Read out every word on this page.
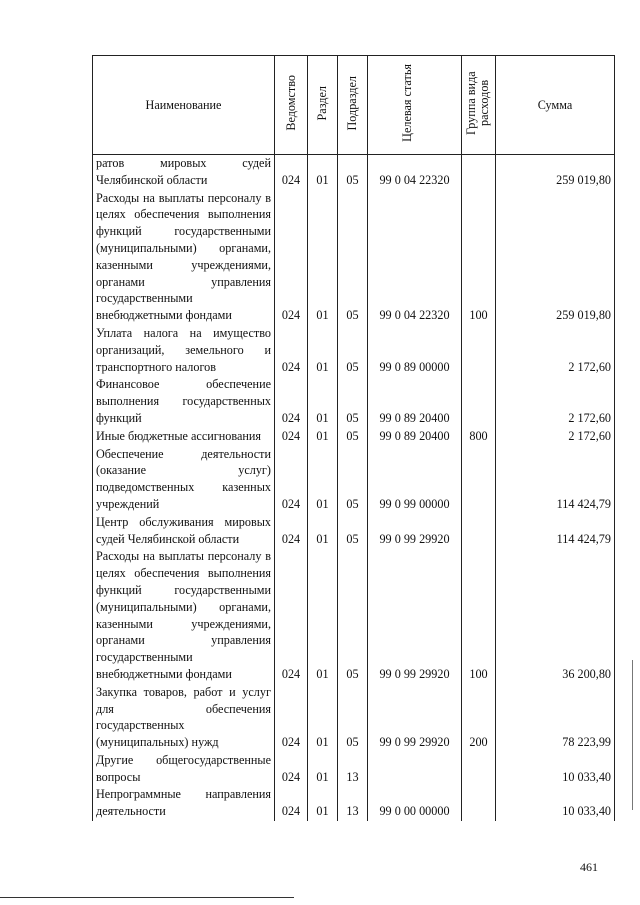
Наименование	Ведомство	Раздел	Подраздел	Целевая статья	Группа вида расходов	Сумма
ратов мировых судей Челябинской области	024	01	05	99 0 04 22320		259 019,80
Расходы на выплаты персоналу в целях обеспечения выполнения функций государственными (муниципальными) органами, казенными учреждениями, органами управления государственными внебюджетными фондами	024	01	05	99 0 04 22320	100	259 019,80
Уплата налога на имущество организаций, земельного и транспортного налогов	024	01	05	99 0 89 00000		2 172,60
Финансовое обеспечение выполнения государственных функций	024	01	05	99 0 89 20400		2 172,60
Иные бюджетные ассигнования	024	01	05	99 0 89 20400	800	2 172,60
Обеспечение деятельности (оказание услуг) подведомственных казенных учреждений	024	01	05	99 0 99 00000		114 424,79
Центр обслуживания мировых судей Челябинской области	024	01	05	99 0 99 29920		114 424,79
Расходы на выплаты персоналу в целях обеспечения выполнения функций государственными (муниципальными) органами, казенными учреждениями, органами управления государственными внебюджетными фондами	024	01	05	99 0 99 29920	100	36 200,80
Закупка товаров, работ и услуг для обеспечения государственных (муниципальных) нужд	024	01	05	99 0 99 29920	200	78 223,99
Другие общегосударственные вопросы	024	01	13			10 033,40
Непрограммные направления деятельности	024	01	13	99 0 00 00000		10 033,40
461
